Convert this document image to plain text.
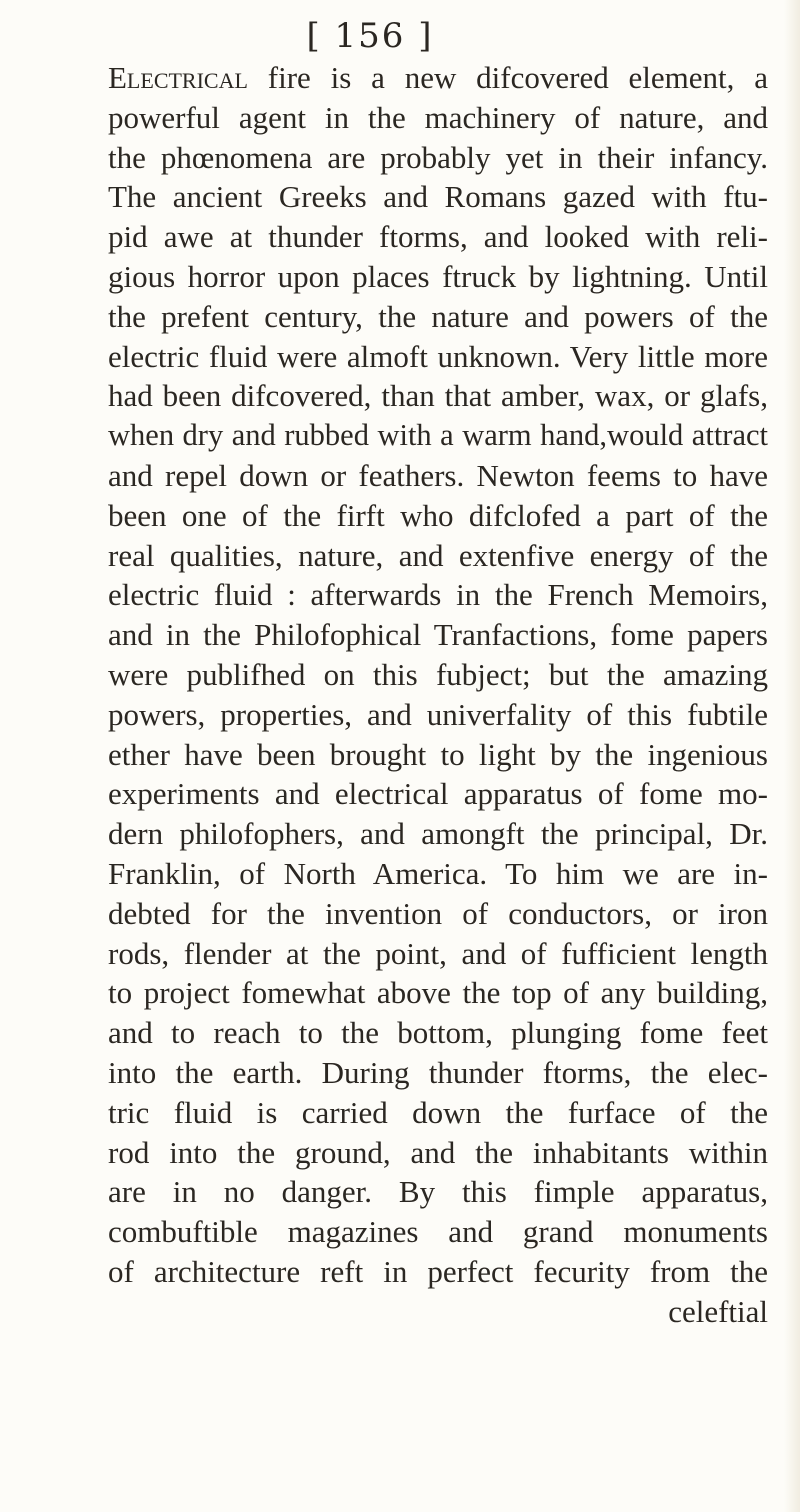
[ 156 ]
Electrical fire is a new difcovered element, a
powerful agent in the machinery of nature, and
the phœnomena are probably yet in their infancy.
The ancient Greeks and Romans gazed with ftu-
pid awe at thunder ftorms, and looked with reli-
gious horror upon places ftruck by lightning. Until
the prefent century, the nature and powers of the
electric fluid were almoft unknown. Very little more
had been difcovered, than that amber, wax, or glafs,
when dry and rubbed with a warm hand,would attract
and repel down or feathers. Newton feems to have
been one of the firft who difclofed a part of the
real qualities, nature, and extenfive energy of the
electric fluid : afterwards in the French Memoirs,
and in the Philofophical Tranfactions, fome papers
were publifhed on this fubject; but the amazing
powers, properties, and univerfality of this fubtile
ether have been brought to light by the ingenious
experiments and electrical apparatus of fome mo-
dern philofophers, and amongft the principal, Dr.
Franklin, of North America. To him we are in-
debted for the invention of conductors, or iron
rods, flender at the point, and of fufficient length
to project fomewhat above the top of any building,
and to reach to the bottom, plunging fome feet
into the earth. During thunder ftorms, the elec-
tric fluid is carried down the furface of the
rod into the ground, and the inhabitants within
are in no danger. By this fimple apparatus,
combuftible magazines and grand monuments
of architecture reft in perfect fecurity from the
celeftial
